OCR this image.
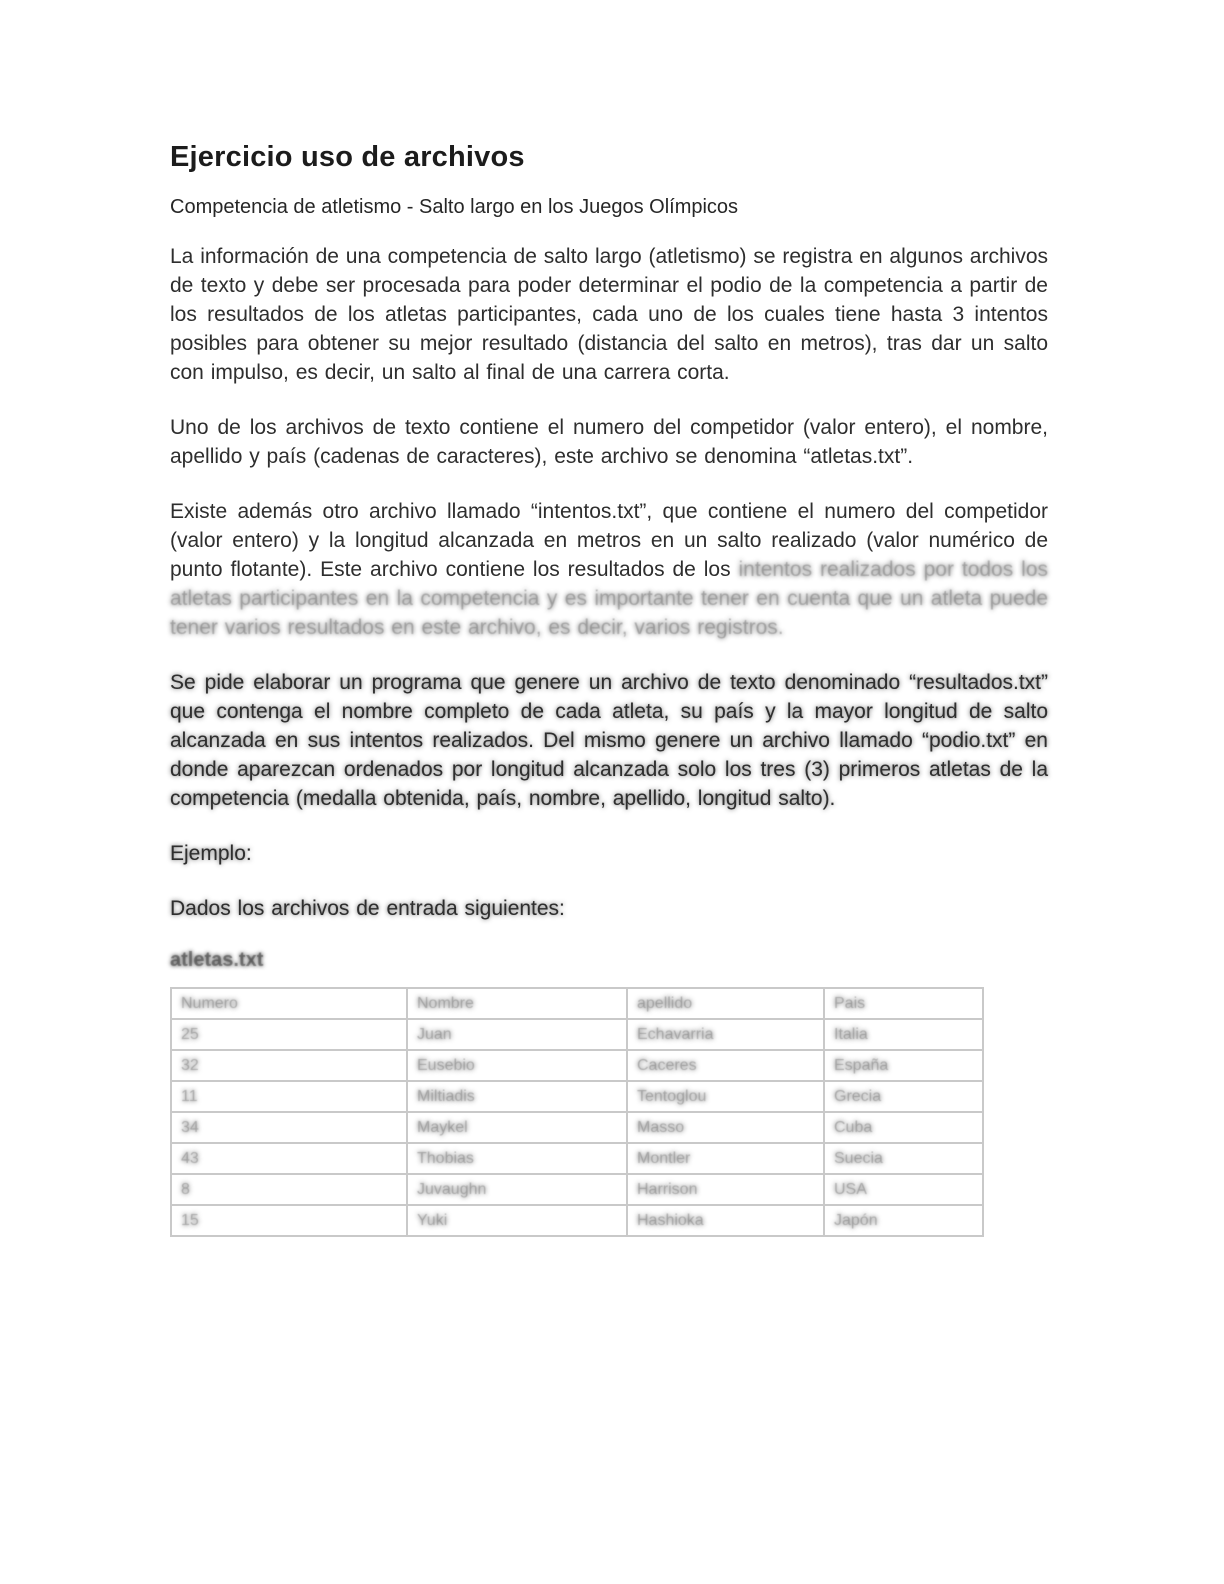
Ejercicio uso de archivos

Competencia de atletismo - Salto largo en los Juegos Olímpicos

La información de una competencia de salto largo (atletismo) se registra en algunos archivos de texto y debe ser procesada para poder determinar el podio de la competencia a partir de los resultados de los atletas participantes, cada uno de los cuales tiene hasta 3 intentos posibles para obtener su mejor resultado (distancia del salto en metros), tras dar un salto con impulso, es decir, un salto al final de una carrera corta.

Uno de los archivos de texto contiene el numero del competidor (valor entero), el nombre, apellido y país (cadenas de caracteres), este archivo se denomina “atletas.txt”.

Existe además otro archivo llamado “intentos.txt”, que contiene el numero del competidor (valor entero) y la longitud alcanzada en metros en un salto realizado (valor numérico de punto flotante). Este archivo contiene los resultados de los intentos realizados por todos los atletas participantes en la competencia y es importante tener en cuenta que un atleta puede tener varios resultados en este archivo, es decir, varios registros.

Se pide elaborar un programa que genere un archivo de texto denominado “resultados.txt” que contenga el nombre completo de cada atleta, su país y la mayor longitud de salto alcanzada en sus intentos realizados. Del mismo genere un archivo llamado “podio.txt” en donde aparezcan ordenados por longitud alcanzada solo los tres (3) primeros atletas de la competencia (medalla obtenida, país, nombre, apellido, longitud salto).

Ejemplo:

Dados los archivos de entrada siguientes:

atletas.txt

Numero	Nombre	apellido	Pais
25	Juan	Echavarria	Italia
32	Eusebio	Caceres	España
11	Miltiadis	Tentoglou	Grecia
34	Maykel	Masso	Cuba
43	Thobias	Montler	Suecia
8	Juvaughn	Harrison	USA
15	Yuki	Hashioka	Japón
